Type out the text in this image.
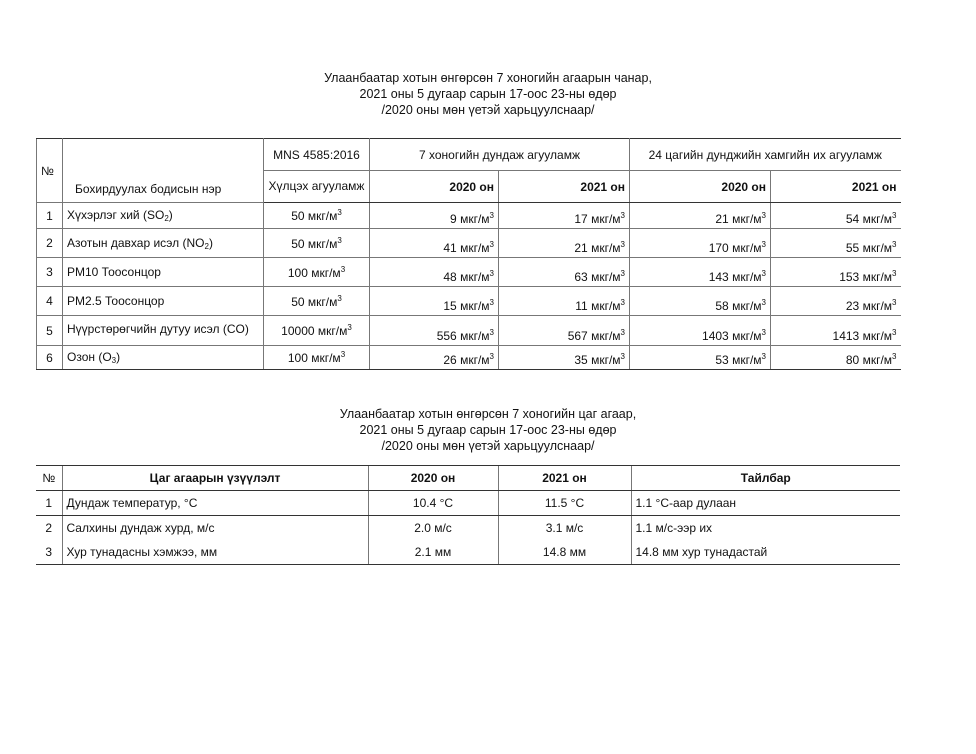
Улаанбаатар хотын өнгөрсөн 7 хоногийн агаарын чанар,
2021 оны 5 дугаар сарын 17-оос 23-ны өдөр
/2020 оны мөн үетэй харьцуулснаар/
№	Бохирдуулах бодисын нэр	MNS 4585:2016	7 хоногийн дундаж агууламж		24 цагийн дунджийн хамгийн их агууламж	
		Хүлцэх агууламж	2020 он	2021 он	2020 он	2021 он
1	Хүхэрлэг хий $(SO_2)$	50 мкг/$м^3$	9 мкг/$м^3$	17 мкг/$м^3$	21 мкг/$м^3$	54 мкг/$м^3$
2	Азотын давхар исэл $(NO_2)$	50 мкг/$м^3$	41 мкг/$м^3$	21 мкг/$м^3$	170 мкг/$м^3$	55 мкг/$м^3$
3	PM10 Тоосонцор	100 мкг/$м^3$	48 мкг/$м^3$	63 мкг/$м^3$	143 мкг/$м^3$	153 мкг/$м^3$
4	PM2.5 Тоосонцор	50 мкг/$м^3$	15 мкг/$м^3$	11 мкг/$м^3$	58 мкг/$м^3$	23 мкг/$м^3$
5	Нүүрстөрөгчийн дутуу исэл (CO)	10000 мкг/$м^3$	556 мкг/$м^3$	567 мкг/$м^3$	1403 мкг/$м^3$	1413 мкг/$м^3$
6	Озон $(O_3)$	100 мкг/$м^3$	26 мкг/$м^3$	35 мкг/$м^3$	53 мкг/$м^3$	80 мкг/$м^3$
Улаанбаатар хотын өнгөрсөн 7 хоногийн цаг агаар,
2021 оны 5 дугаар сарын 17-оос 23-ны өдөр
/2020 оны мөн үетэй харьцуулснаар/
№	Цаг агаарын үзүүлэлт	2020 он	2021 он	Тайлбар
1	Дундаж температур, °C	10.4 °C	11.5 °C	1.1 °C-аар дулаан
2	Салхины дундаж хурд, м/с	2.0 м/с	3.1 м/с	1.1 м/с-ээр их
3	Хур тунадасны хэмжээ, мм	2.1 мм	14.8 мм	14.8 мм хур тунадастай
